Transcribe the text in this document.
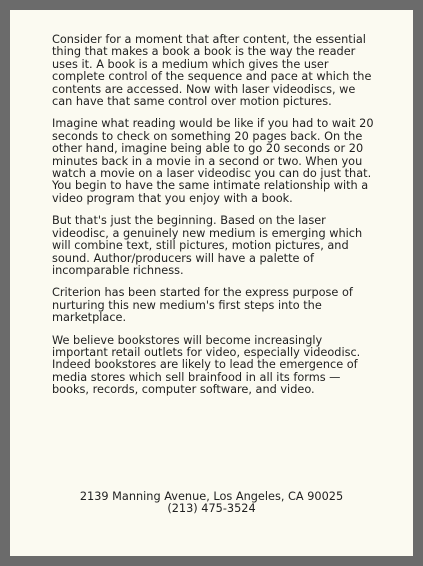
Consider for a moment that after content, the essential thing that makes a book a book is the way the reader uses it. A book is a medium which gives the user complete control of the sequence and pace at which the contents are accessed. Now with laser videodiscs, we can have that same control over motion pictures.

Imagine what reading would be like if you had to wait 20 seconds to check on something 20 pages back. On the other hand, imagine being able to go 20 seconds or 20 minutes back in a movie in a second or two. When you watch a movie on a laser videodisc you can do just that. You begin to have the same intimate relationship with a video program that you enjoy with a book.

But that's just the beginning. Based on the laser videodisc, a genuinely new medium is emerging which will combine text, still pictures, motion pictures, and sound. Author/producers will have a palette of incomparable richness.

Criterion has been started for the express purpose of nurturing this new medium's first steps into the marketplace.

We believe bookstores will become increasingly important retail outlets for video, especially videodisc. Indeed bookstores are likely to lead the emergence of media stores which sell brainfood in all its forms — books, records, computer software, and video.

2139 Manning Avenue, Los Angeles, CA 90025
(213) 475-3524
